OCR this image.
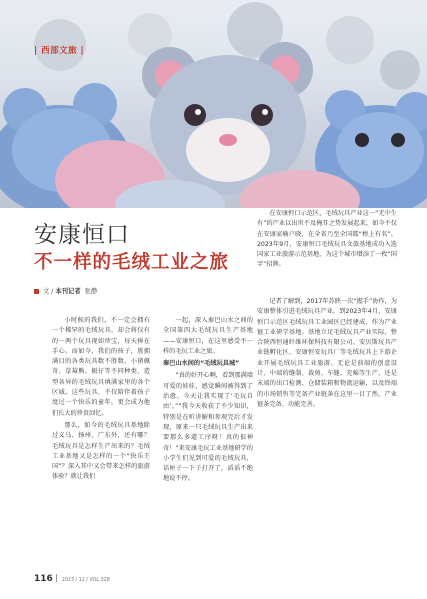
| 西部文旅 |
安康恒口
不一样的毛绒工业之旅
文 / 本刊记者 张静

在安康恒口示范区，毛绒玩具产业这一“无中生有”的产业以出世不及掩耳之势发展起来，如今不仅在安康家喻户晓，在全省乃至全国都“榜上有名”。2023年9月，安康恒口毛绒玩具文旅基地成功入选国家工业旅游示范基地，为这个城市增添了一枚“国字”招牌。

小时候的我们，不一定会拥有一个稀罕的毛绒玩具，却会将仅有的一两个玩具视如珍宝，每天捧在手心。而如今，我们的孩子，簇拥满目的各类玩具数不胜数，小猪佩奇、草莓熊、振仔等不同种类、造型各异的毛绒玩具填满家里的各个区域。这些玩具，不仅陪伴着孩子度过一个快乐的童年，更会成为他们长大的珍贵回忆。

那么，如今的毛绒玩具基地除过义乌、扬州、广东外，还有哪？毛绒玩具是怎样生产出来的？毛绒工业基地又是怎样的一个“快乐王国”？深入其中又会带来怎样的旅游体验？就让我们

一起，深入秦巴山水之间的全国第四大毛绒玩具生产基地——安康恒口，在这里感受不一样的毛玩工业之旅。

秦巴山水间的“毛绒玩具城”

“真的好开心啊，看到那满墙可爱的娃娃，感觉瞬间被得到了治愈。今天让我实现了‘毛玩自由’。”“我今天收获了不少知识，特别是在听讲解和参观完后才发现，原来一只毛绒玩具生产出来要那么多道工序呀！真的很神奇！”来安康毛玩工业基地研学的小学生们见到可爱的毛绒玩具，话匣子一下子打开了，滔滔不绝地说不停。

记者了解到，2017年苏陕一次“握手”协作，为安康整体引进毛绒玩具产业。到2023年4月，安康恒口示范区毛绒玩具工业园区已经建成，作为产业链工业研学基地。基地立足毛绒玩具产业实际，整合陕西恒通纤维环保科技有限公司、安贝斯玩具产业链孵化区、安康恒安玩具厂等毛绒玩具上下游企业开展毛绒玩具工业旅游。无论是前端的创意设计、中端的缝制、裁剪、车缝、充棉等生产，还是末端的出口检测、仓储装箱和物流运输，以及终端的市场销售等完备产业链条在这里一目了然，产业链条完备、功能完善。

116 2023 / 12 / VOL.328
